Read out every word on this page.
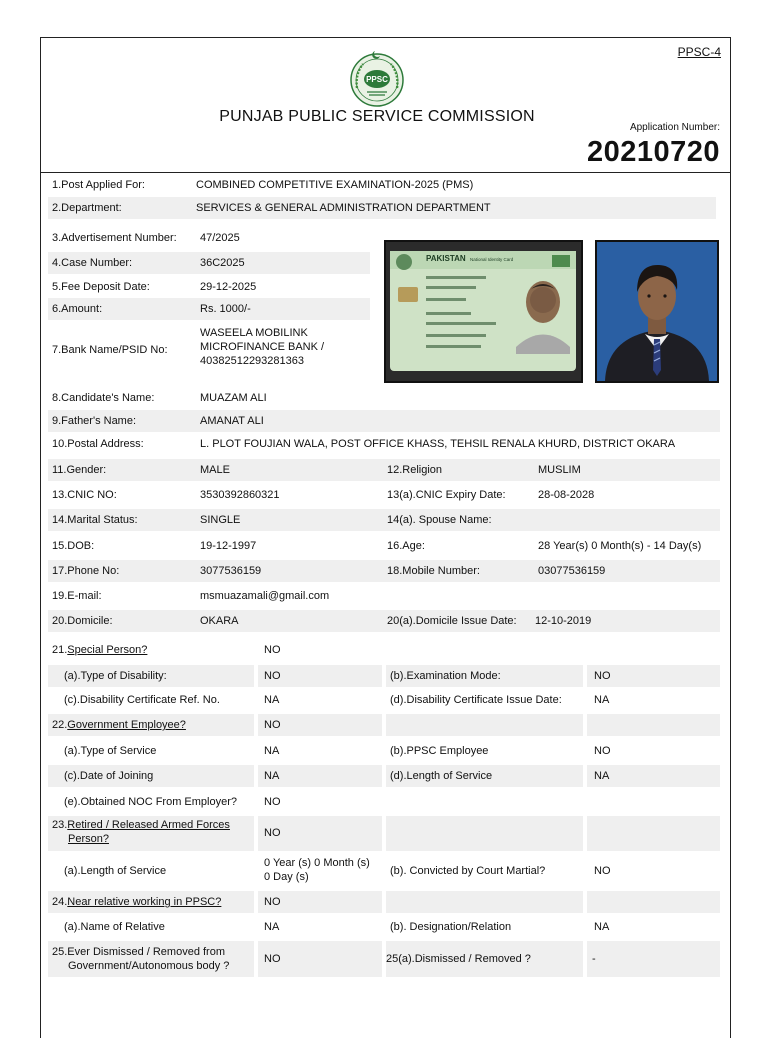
PPSC-4
PPSC
PUNJAB PUBLIC SERVICE COMMISSION
Application Number:
20210720
1.Post Applied For:	COMBINED COMPETITIVE EXAMINATION-2025 (PMS)
2.Department:	SERVICES & GENERAL ADMINISTRATION DEPARTMENT
3.Advertisement Number: 47/2025
4.Case Number:	36C2025
5.Fee Deposit Date:	29-12-2025
6.Amount:	Rs. 1000/-
7.Bank Name/PSID No:
WASEELA MOBILINK
MICROFINANCE BANK /
40382512293281363
PAKISTAN National Identity Card
8.Candidate's Name:	MUAZAM ALI
9.Father's Name:	AMANAT ALI
10.Postal Address:	L. PLOT FOUJIAN WALA, POST OFFICE KHASS, TEHSIL RENALA KHURD, DISTRICT OKARA
11.Gender:	MALE	12.Religion	MUSLIM
13.CNIC NO:	3530392860321	13(a).CNIC Expiry Date:	28-08-2028
14.Marital Status:	SINGLE	14(a). Spouse Name:
15.DOB:	19-12-1997	16.Age:	28 Year(s) 0 Month(s) - 14 Day(s)
17.Phone No:	3077536159	18.Mobile Number:	03077536159
19.E-mail:	msmuazamali@gmail.com
20.Domicile:	OKARA	20(a).Domicile Issue Date: 12-10-2019
21.Special Person?	NO
(a).Type of Disability:	NO	(b).Examination Mode:	NO
(c).Disability Certificate Ref. No.	NA	(d).Disability Certificate Issue Date:	NA
22.Government Employee?	NO
(a).Type of Service	NA	(b).PPSC Employee	NO
(c).Date of Joining	NA	(d).Length of Service	NA
(e).Obtained NOC From Employer? NO
23.Retired / Released Armed Forces
Person?	NO
(a).Length of Service
0 Year (s) 0 Month (s)
0 Day (s)	(b). Convicted by Court Martial?	NO
24.Near relative working in PPSC?	NO
(a).Name of Relative	NA	(b). Designation/Relation	NA
25.Ever Dismissed / Removed from
Government/Autonomous body ?
NO	25(a).Dismissed / Removed ?	-
